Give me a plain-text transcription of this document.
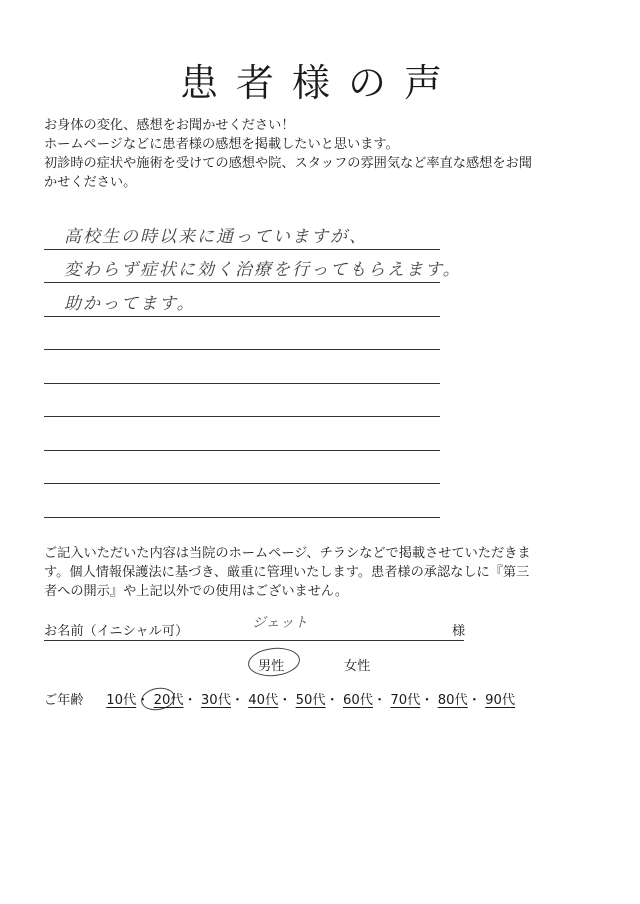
患者様の声
お身体の変化、感想をお聞かせください！
ホームページなどに患者様の感想を掲載したいと思います。
初診時の症状や施術を受けての感想や院、スタッフの雰囲気など率直な感想をお聞
かせください。
高校生の時以来に通っていますが、
変わらず症状に効く治療を行ってもらえます。
助かってます。
ご記入いただいた内容は当院のホームページ、チラシなどで掲載させていただきま
す。個人情報保護法に基づき、厳重に管理いたします。患者様の承認なしに『第三
者への開示』や上記以外での使用はございません。
お名前（イニシャル可）
ジェット
様
男性	女性
ご年齢 10代・ 20代・ 30代・ 40代・ 50代・ 60代・ 70代・ 80代・ 90代
